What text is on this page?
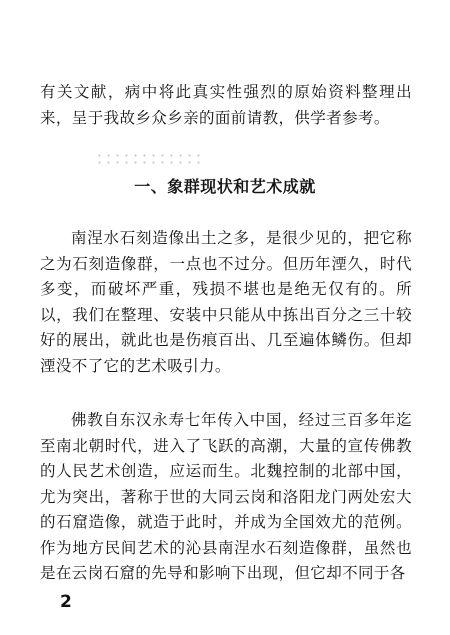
有关文献，病中将此真实性强烈的原始资料整理出来，呈于我故乡众乡亲的面前请教，供学者参考。

一、象群现状和艺术成就

南涅水石刻造像出土之多，是很少见的，把它称之为石刻造像群，一点也不过分。但历年湮久，时代多变，而破坏严重，残损不堪也是绝无仅有的。所以，我们在整理、安装中只能从中拣出百分之三十较好的展出，就此也是伤痕百出、几至遍体鳞伤。但却湮没不了它的艺术吸引力。

佛教自东汉永寿七年传入中国，经过三百多年迄至南北朝时代，进入了飞跃的高潮，大量的宣传佛教的人民艺术创造，应运而生。北魏控制的北部中国，尤为突出，著称于世的大同云岗和洛阳龙门两处宏大的石窟造像，就造于此时，并成为全国效尤的范例。作为地方民间艺术的沁县南涅水石刻造像群，虽然也是在云岗石窟的先导和影响下出现，但它却不同于各

2
